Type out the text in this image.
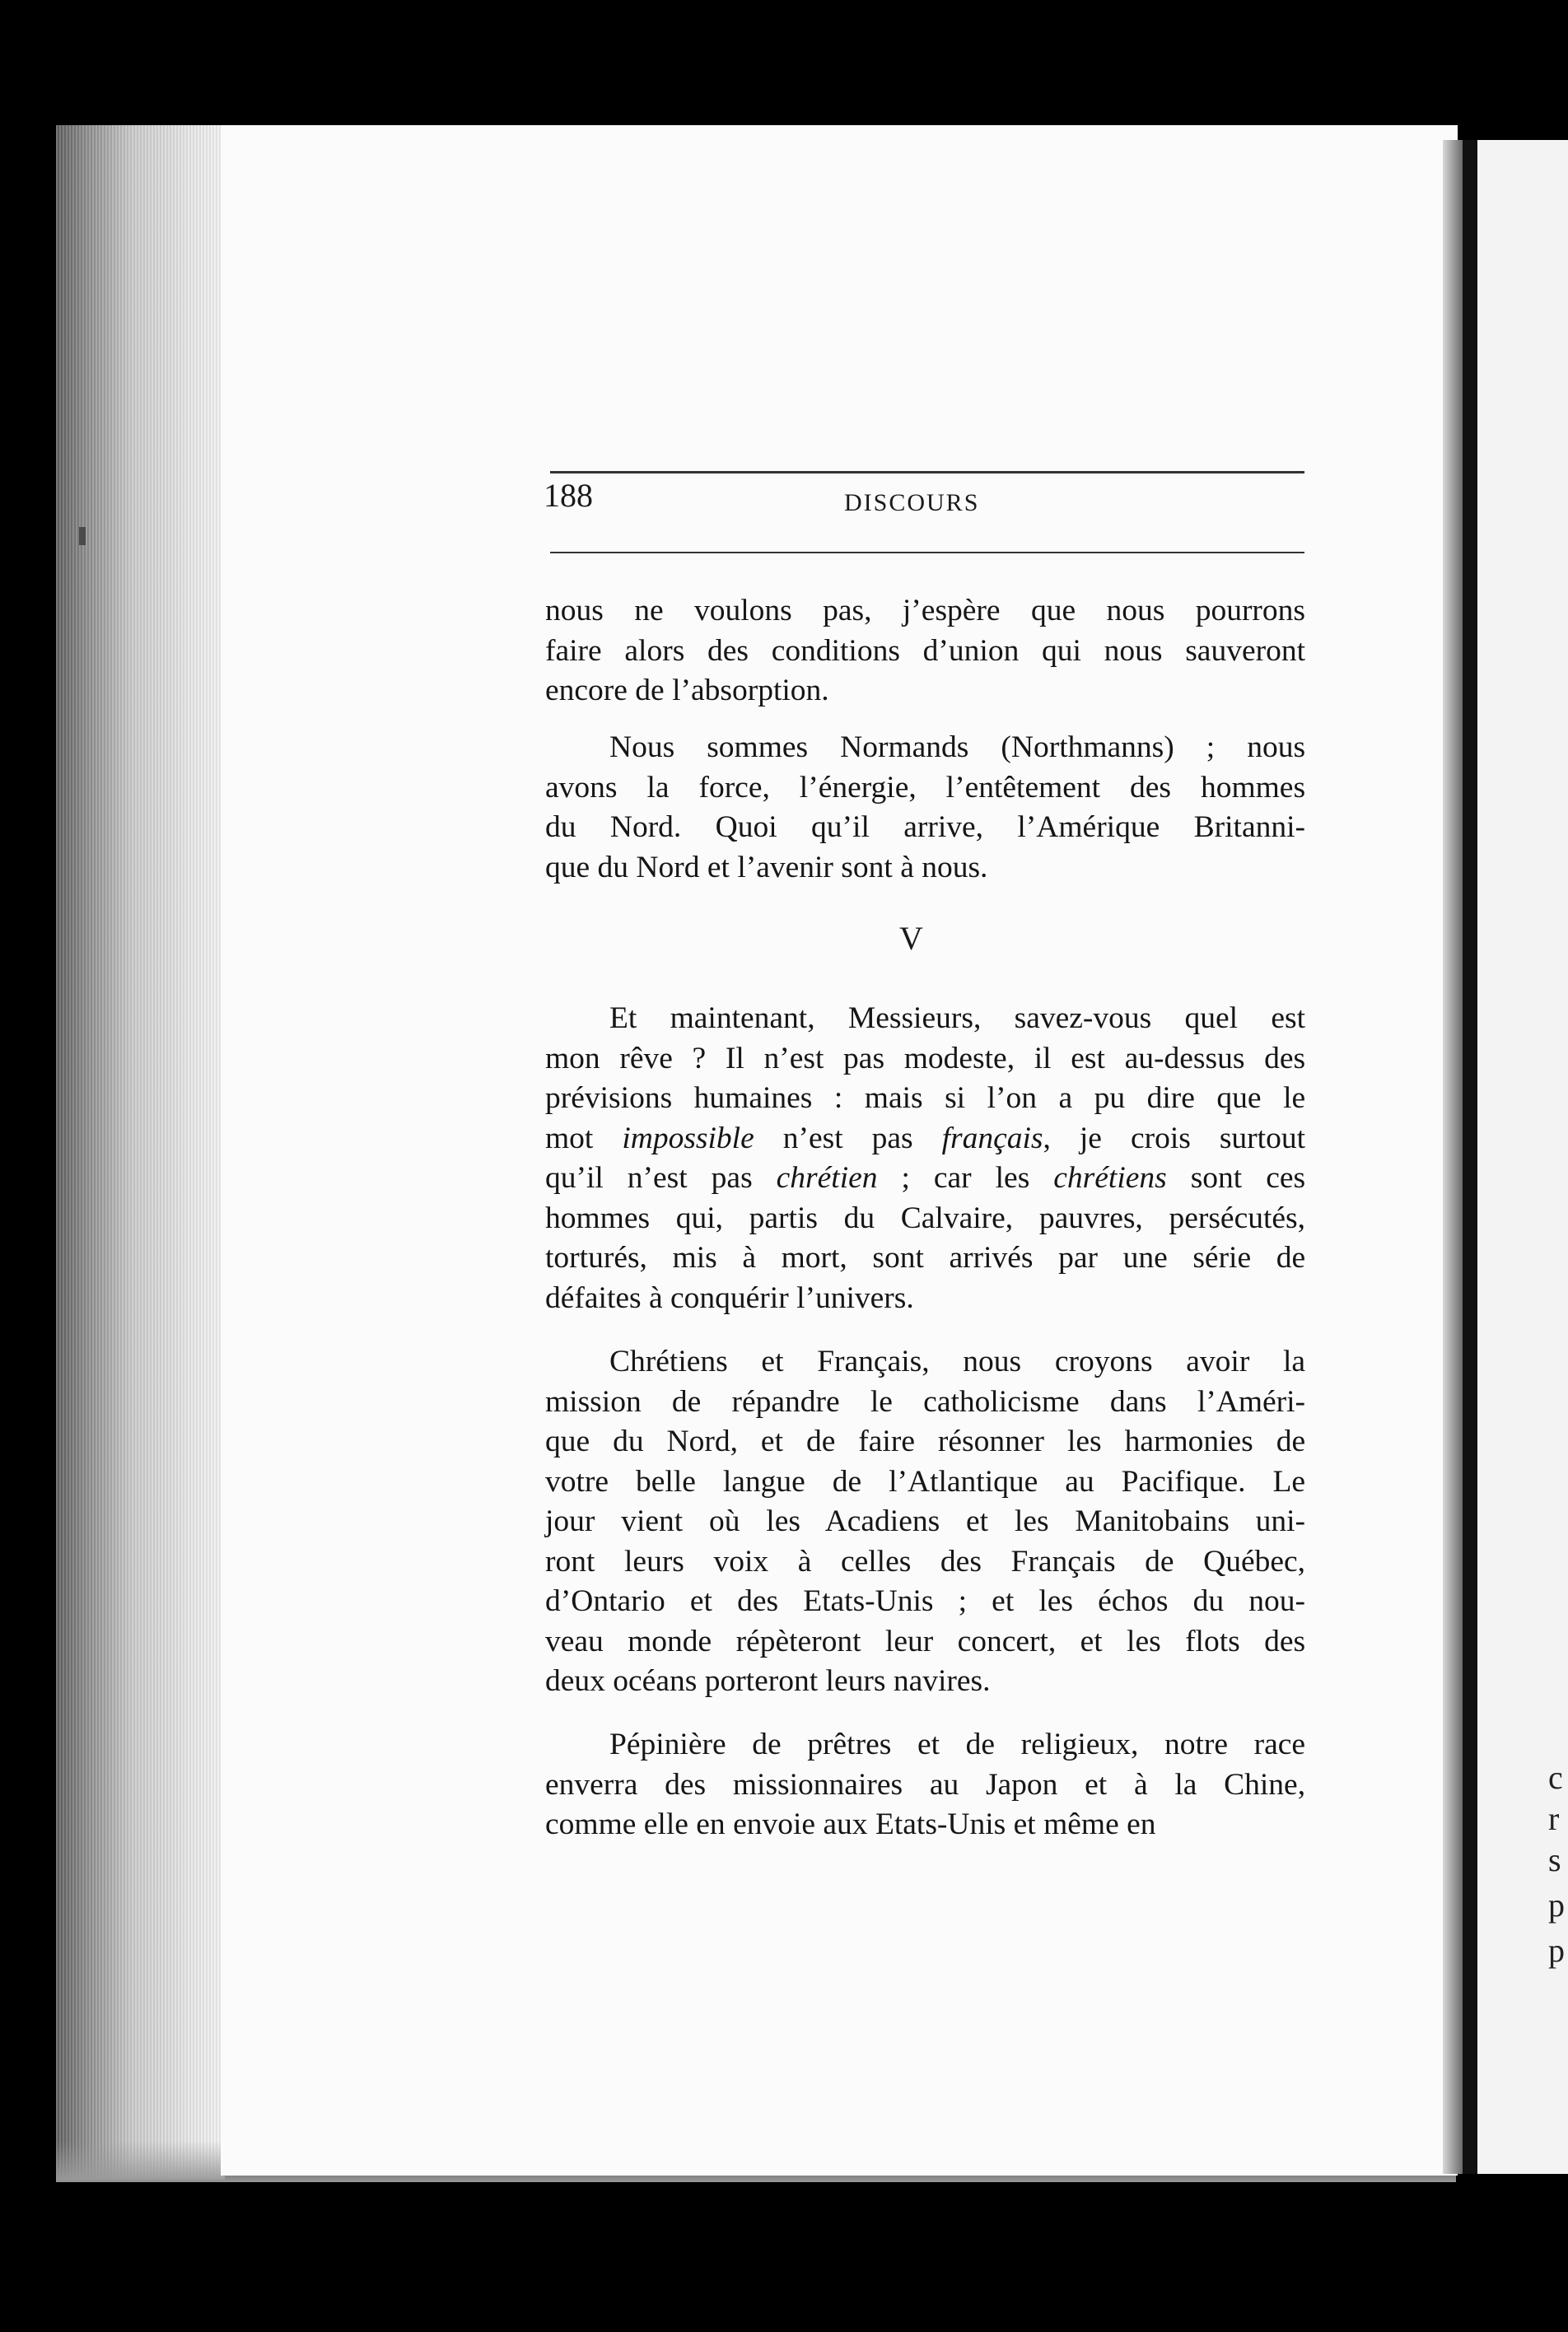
188	DISCOURS
nous ne voulons pas, j’espère que nous pourrons
faire alors des conditions d’union qui nous sauveront
encore de l’absorption.
Nous sommes Normands (Northmanns) ; nous
avons la force, l’énergie, l’entêtement des hommes
du Nord. Quoi qu’il arrive, l’Amérique Britanni-
que du Nord et l’avenir sont à nous.
V
Et maintenant, Messieurs, savez-vous quel est
mon rêve ? Il n’est pas modeste, il est au-dessus des
prévisions humaines : mais si l’on a pu dire que le
mot impossible n’est pas français, je crois surtout
qu’il n’est pas chrétien ; car les chrétiens sont ces
hommes qui, partis du Calvaire, pauvres, persécutés,
torturés, mis à mort, sont arrivés par une série de
défaites à conquérir l’univers.
Chrétiens et Français, nous croyons avoir la
mission de répandre le catholicisme dans l’Améri-
que du Nord, et de faire résonner les harmonies de
votre belle langue de l’Atlantique au Pacifique. Le
jour vient où les Acadiens et les Manitobains uni-
ront leurs voix à celles des Français de Québec,
d’Ontario et des Etats-Unis ; et les échos du nou-
veau monde répèteront leur concert, et les flots des
deux océans porteront leurs navires.
Pépinière de prêtres et de religieux, notre race
enverra des missionnaires au Japon et à la Chine,
comme elle en envoie aux Etats-Unis et même en
c
r
s
p
p
